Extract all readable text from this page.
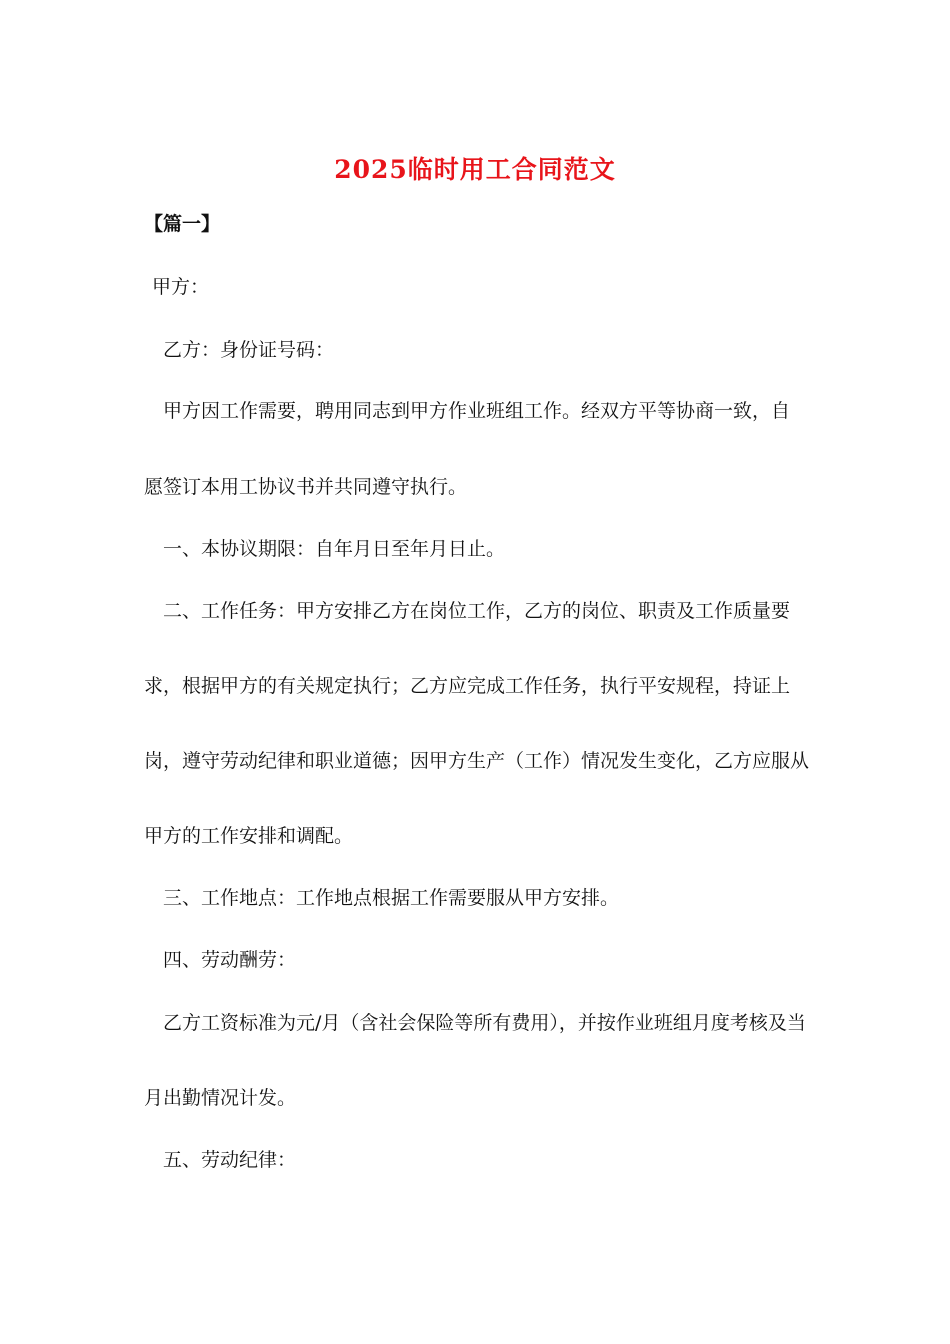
2025临时用工合同范文
【篇一】
甲方：
乙方：身份证号码：
甲方因工作需要，聘用同志到甲方作业班组工作。经双方平等协商一致，自
愿签订本用工协议书并共同遵守执行。
一、本协议期限：自年月日至年月日止。
二、工作任务：甲方安排乙方在岗位工作，乙方的岗位、职责及工作质量要
求，根据甲方的有关规定执行；乙方应完成工作任务，执行平安规程，持证上
岗，遵守劳动纪律和职业道德；因甲方生产（工作）情况发生变化，乙方应服从
甲方的工作安排和调配。
三、工作地点：工作地点根据工作需要服从甲方安排。
四、劳动酬劳：
乙方工资标准为元/月（含社会保险等所有费用），并按作业班组月度考核及当
月出勤情况计发。
五、劳动纪律：
